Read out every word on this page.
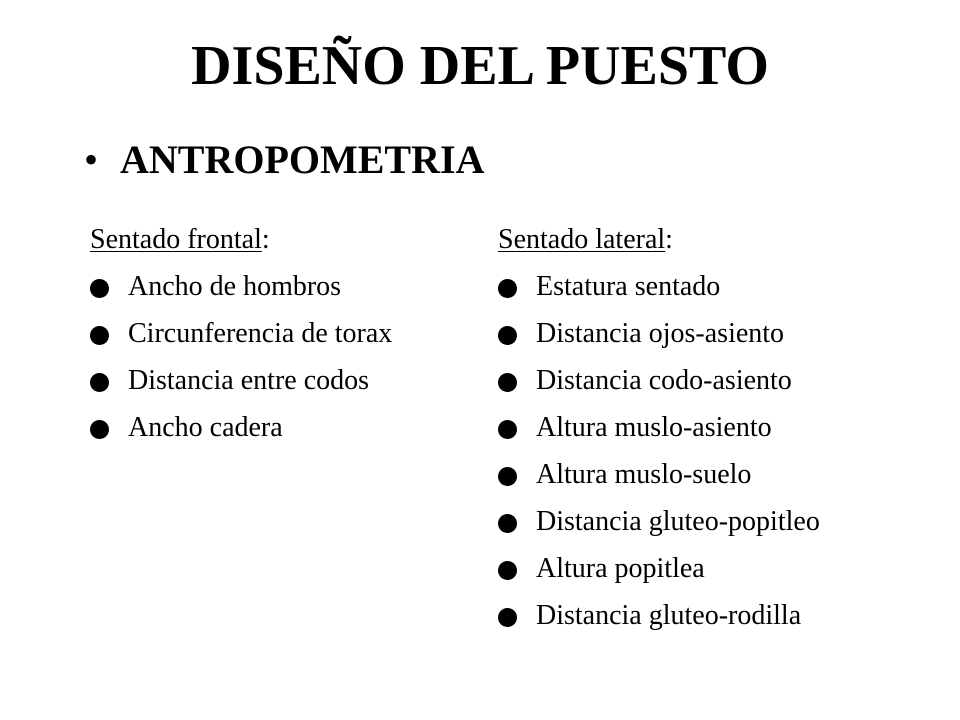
DISEÑO DEL PUESTO
• ANTROPOMETRIA
Sentado frontal:
Ancho de hombros
Circunferencia de torax
Distancia entre codos
Ancho cadera
Sentado lateral:
Estatura sentado
Distancia ojos-asiento
Distancia codo-asiento
Altura muslo-asiento
Altura muslo-suelo
Distancia gluteo-popitleo
Altura popitlea
Distancia gluteo-rodilla
